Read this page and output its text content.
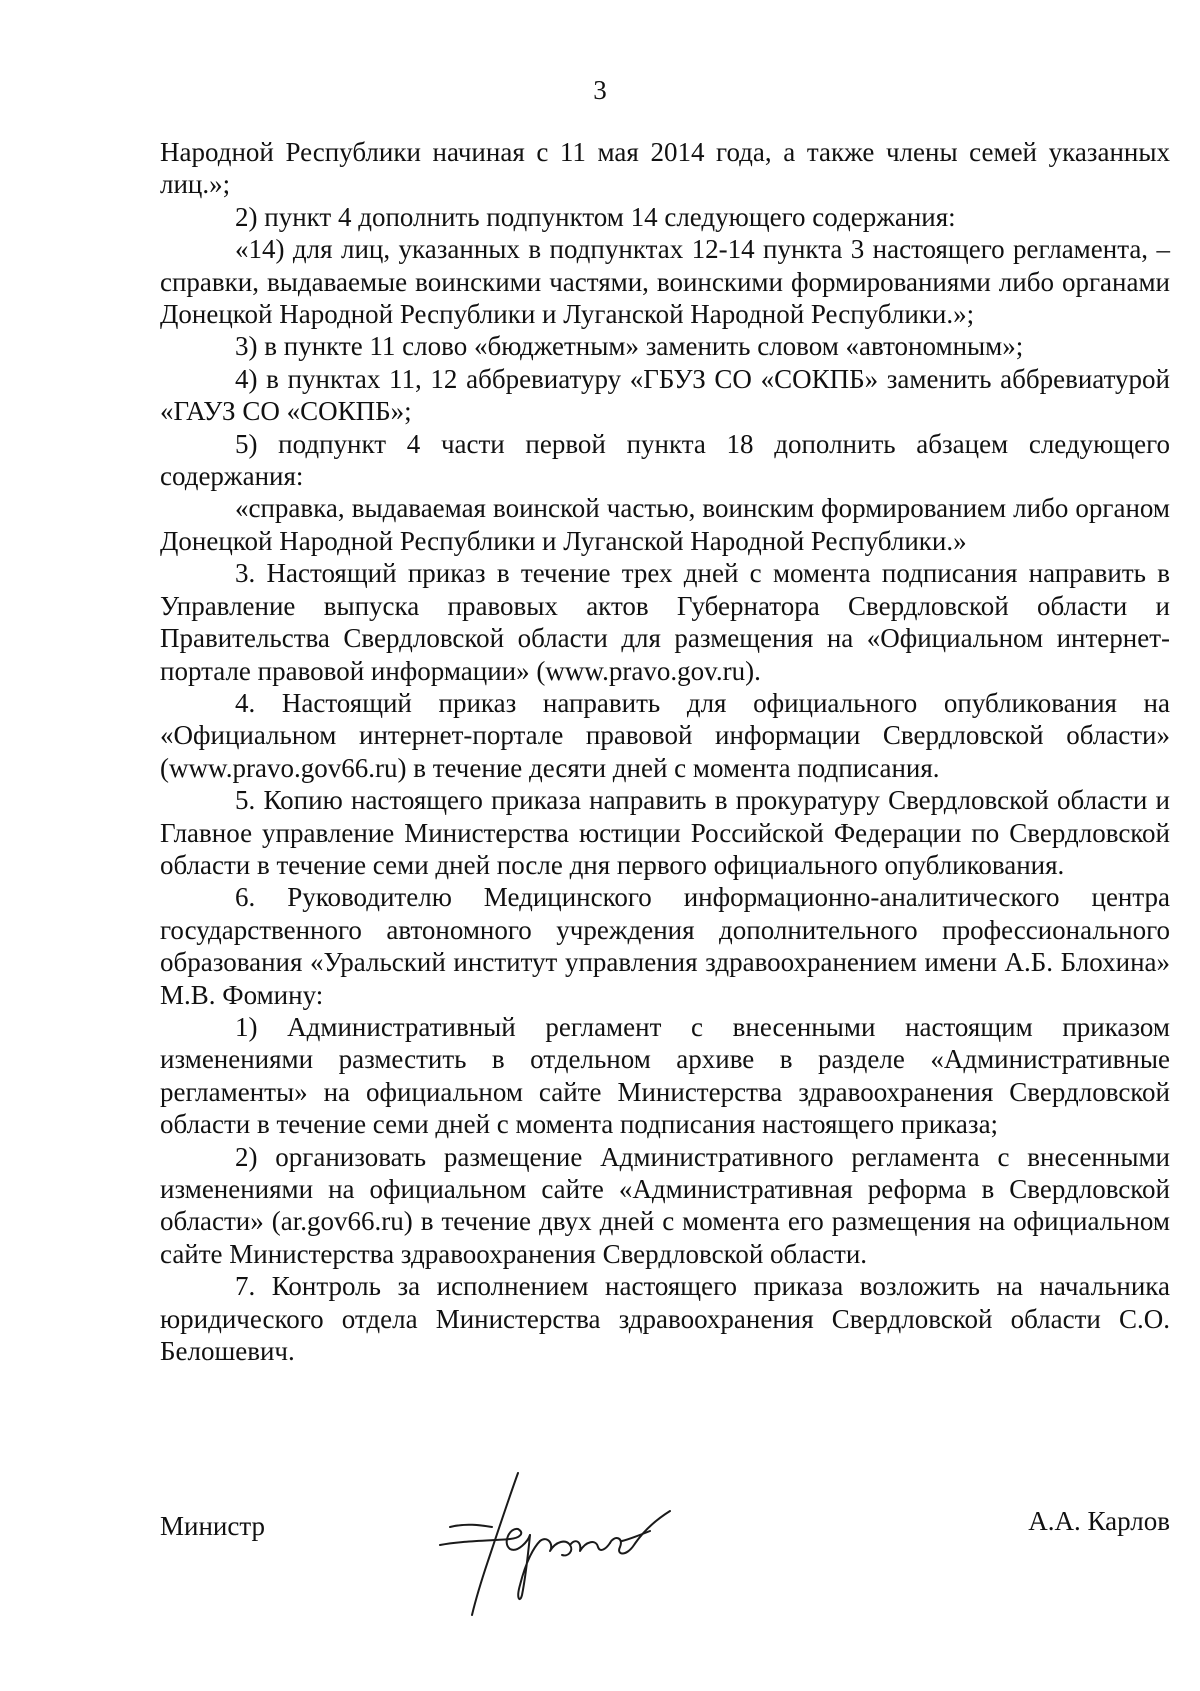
3

Народной Республики начиная с 11 мая 2014 года, а также члены семей указанных лиц.»;

2) пункт 4 дополнить подпунктом 14 следующего содержания:

«14) для лиц, указанных в подпунктах 12-14 пункта 3 настоящего регламента, – справки, выдаваемые воинскими частями, воинскими формированиями либо органами Донецкой Народной Республики и Луганской Народной Республики.»;

3) в пункте 11 слово «бюджетным» заменить словом «автономным»;

4) в пунктах 11, 12 аббревиатуру «ГБУЗ СО «СОКПБ» заменить аббревиатурой «ГАУЗ СО «СОКПБ»;

5) подпункт 4 части первой пункта 18 дополнить абзацем следующего содержания:

«справка, выдаваемая воинской частью, воинским формированием либо органом Донецкой Народной Республики и Луганской Народной Республики.»

3. Настоящий приказ в течение трех дней с момента подписания направить в Управление выпуска правовых актов Губернатора Свердловской области и Правительства Свердловской области для размещения на «Официальном интернет-портале правовой информации» (www.pravo.gov.ru).

4. Настоящий приказ направить для официального опубликования на «Официальном интернет-портале правовой информации Свердловской области» (www.pravo.gov66.ru) в течение десяти дней с момента подписания.

5. Копию настоящего приказа направить в прокуратуру Свердловской области и Главное управление Министерства юстиции Российской Федерации по Свердловской области в течение семи дней после дня первого официального опубликования.

6. Руководителю Медицинского информационно-аналитического центра государственного автономного учреждения дополнительного профессионального образования «Уральский институт управления здравоохранением имени А.Б. Блохина» М.В. Фомину:

1) Административный регламент с внесенными настоящим приказом изменениями разместить в отдельном архиве в разделе «Административные регламенты» на официальном сайте Министерства здравоохранения Свердловской области в течение семи дней с момента подписания настоящего приказа;

2) организовать размещение Административного регламента с внесенными изменениями на официальном сайте «Административная реформа в Свердловской области» (ar.gov66.ru) в течение двух дней с момента его размещения на официальном сайте Министерства здравоохранения Свердловской области.

7. Контроль за исполнением настоящего приказа возложить на начальника юридического отдела Министерства здравоохранения Свердловской области С.О. Белошевич.

Министр	А.А. Карлов
